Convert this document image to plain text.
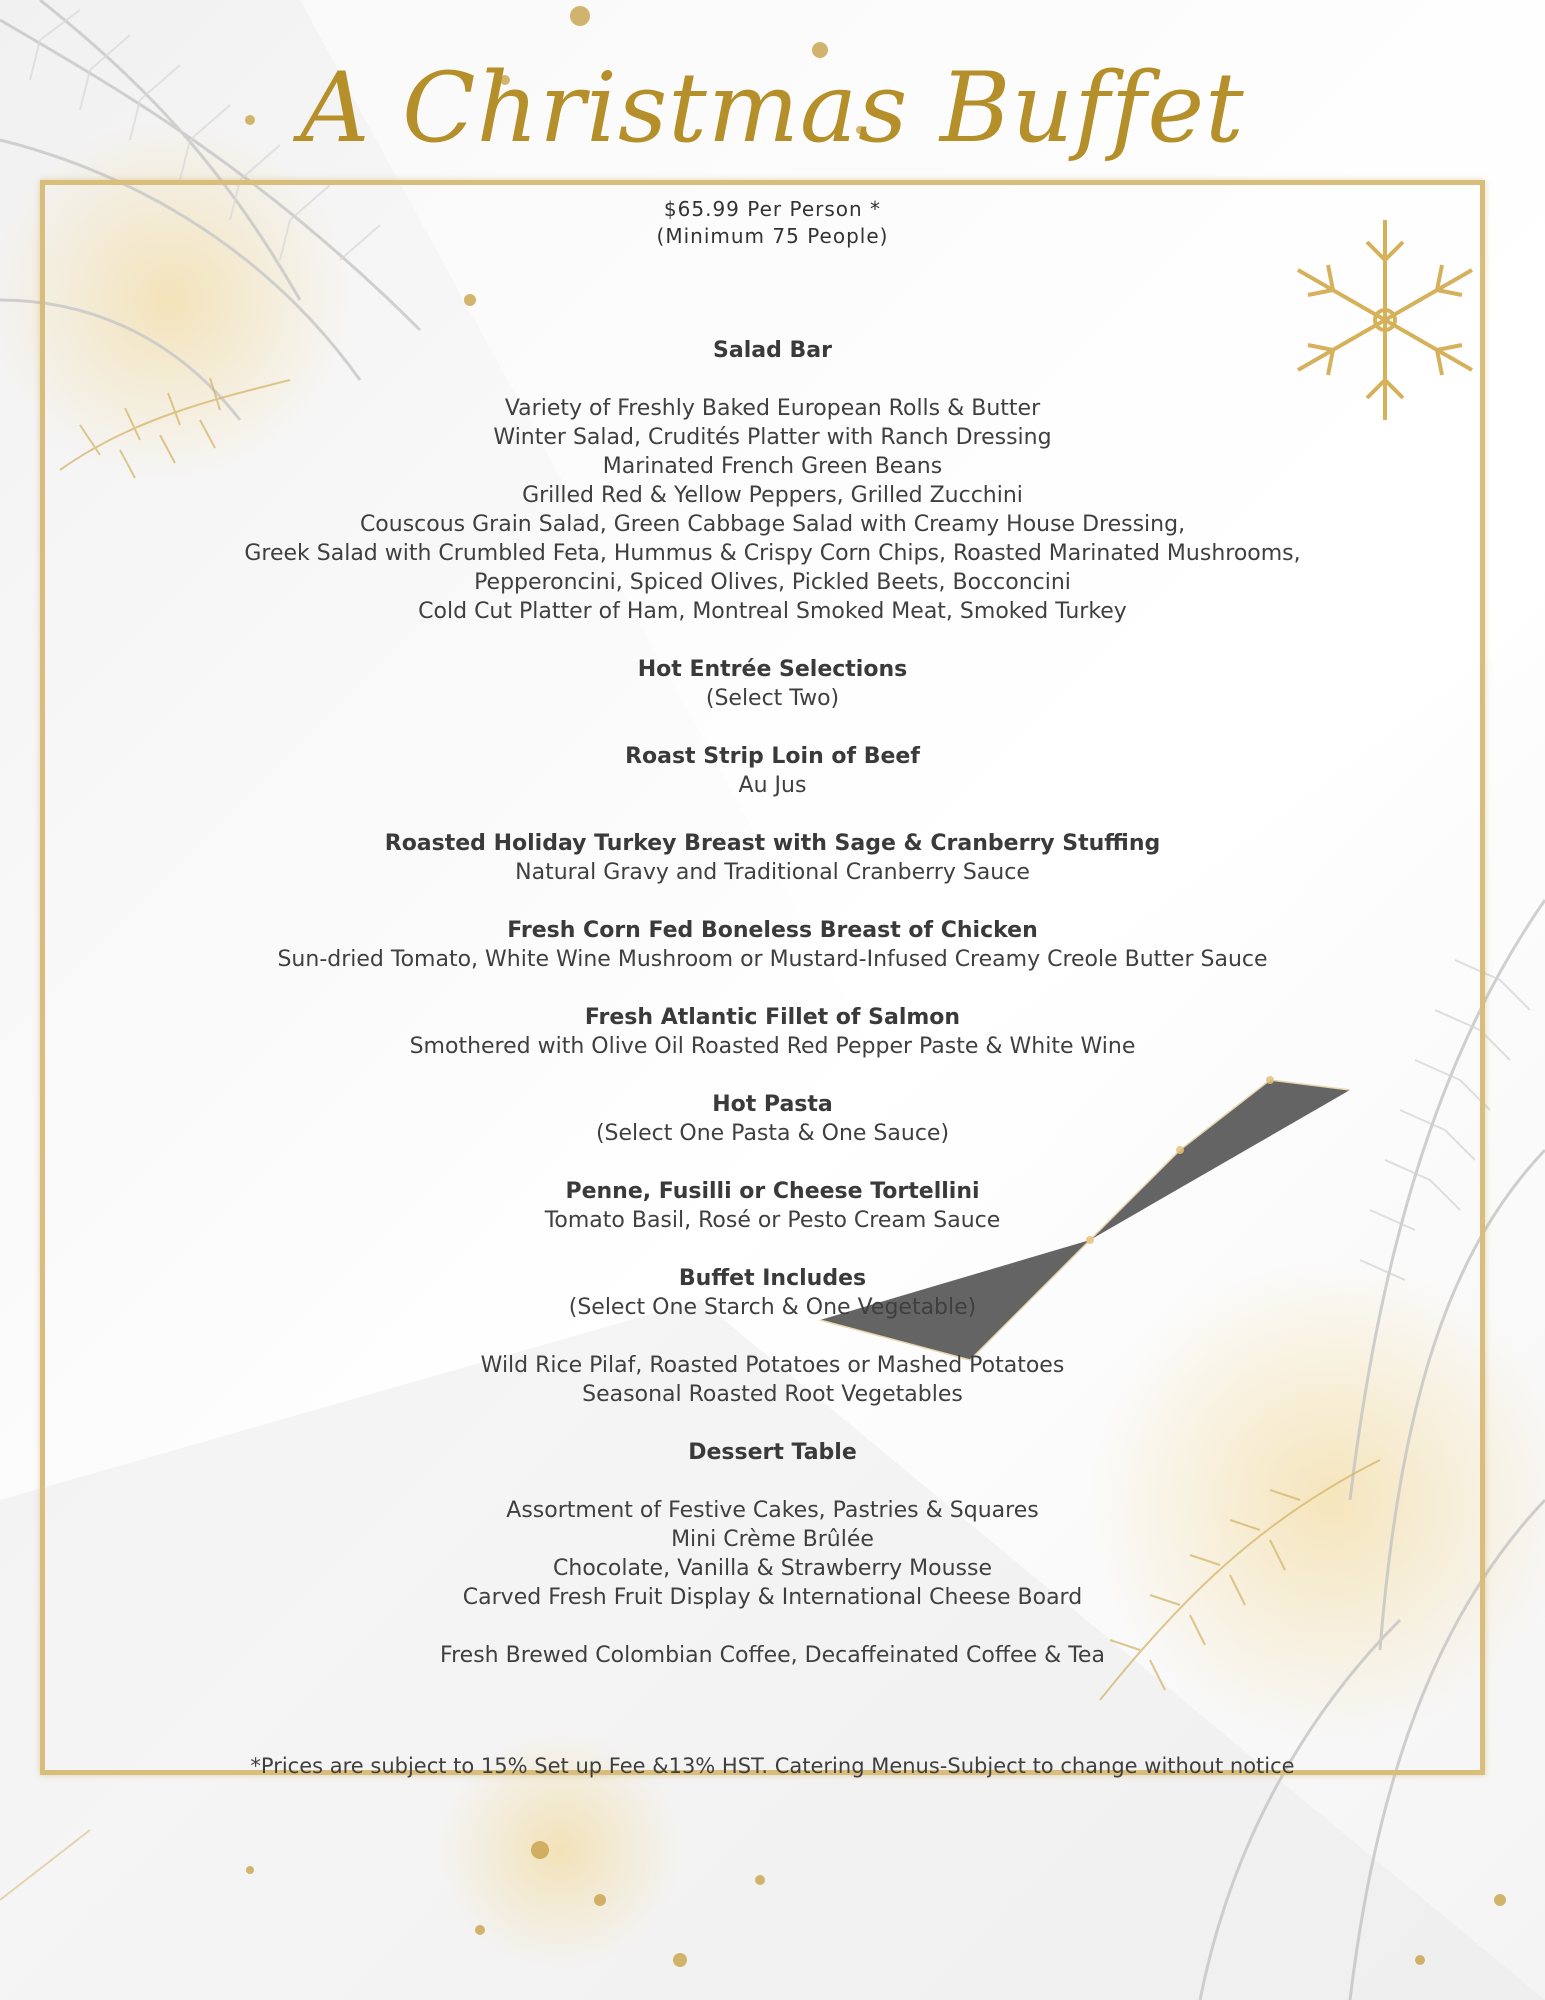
A Christmas Buffet
$65.99 Per Person *
(Minimum 75 People)
Salad Bar
Variety of Freshly Baked European Rolls & Butter
Winter Salad, Crudités Platter with Ranch Dressing
Marinated French Green Beans
Grilled Red & Yellow Peppers, Grilled Zucchini
Couscous Grain Salad, Green Cabbage Salad with Creamy House Dressing,
Greek Salad with Crumbled Feta, Hummus & Crispy Corn Chips, Roasted Marinated Mushrooms,
Pepperoncini, Spiced Olives, Pickled Beets, Bocconcini
Cold Cut Platter of Ham, Montreal Smoked Meat, Smoked Turkey
Hot Entrée Selections
(Select Two)
Roast Strip Loin of Beef
Au Jus
Roasted Holiday Turkey Breast with Sage & Cranberry Stuffing
Natural Gravy and Traditional Cranberry Sauce
Fresh Corn Fed Boneless Breast of Chicken
Sun-dried Tomato, White Wine Mushroom or Mustard-Infused Creamy Creole Butter Sauce
Fresh Atlantic Fillet of Salmon
Smothered with Olive Oil Roasted Red Pepper Paste & White Wine
Hot Pasta
(Select One Pasta & One Sauce)
Penne, Fusilli or Cheese Tortellini
Tomato Basil, Rosé or Pesto Cream Sauce
Buffet Includes
(Select One Starch & One Vegetable)
Wild Rice Pilaf, Roasted Potatoes or Mashed Potatoes
Seasonal Roasted Root Vegetables
Dessert Table
Assortment of Festive Cakes, Pastries & Squares
Mini Crème Brûlée
Chocolate, Vanilla & Strawberry Mousse
Carved Fresh Fruit Display & International Cheese Board
Fresh Brewed Colombian Coffee, Decaffeinated Coffee & Tea
*Prices are subject to 15% Set up Fee &13% HST. Catering Menus-Subject to change without notice
